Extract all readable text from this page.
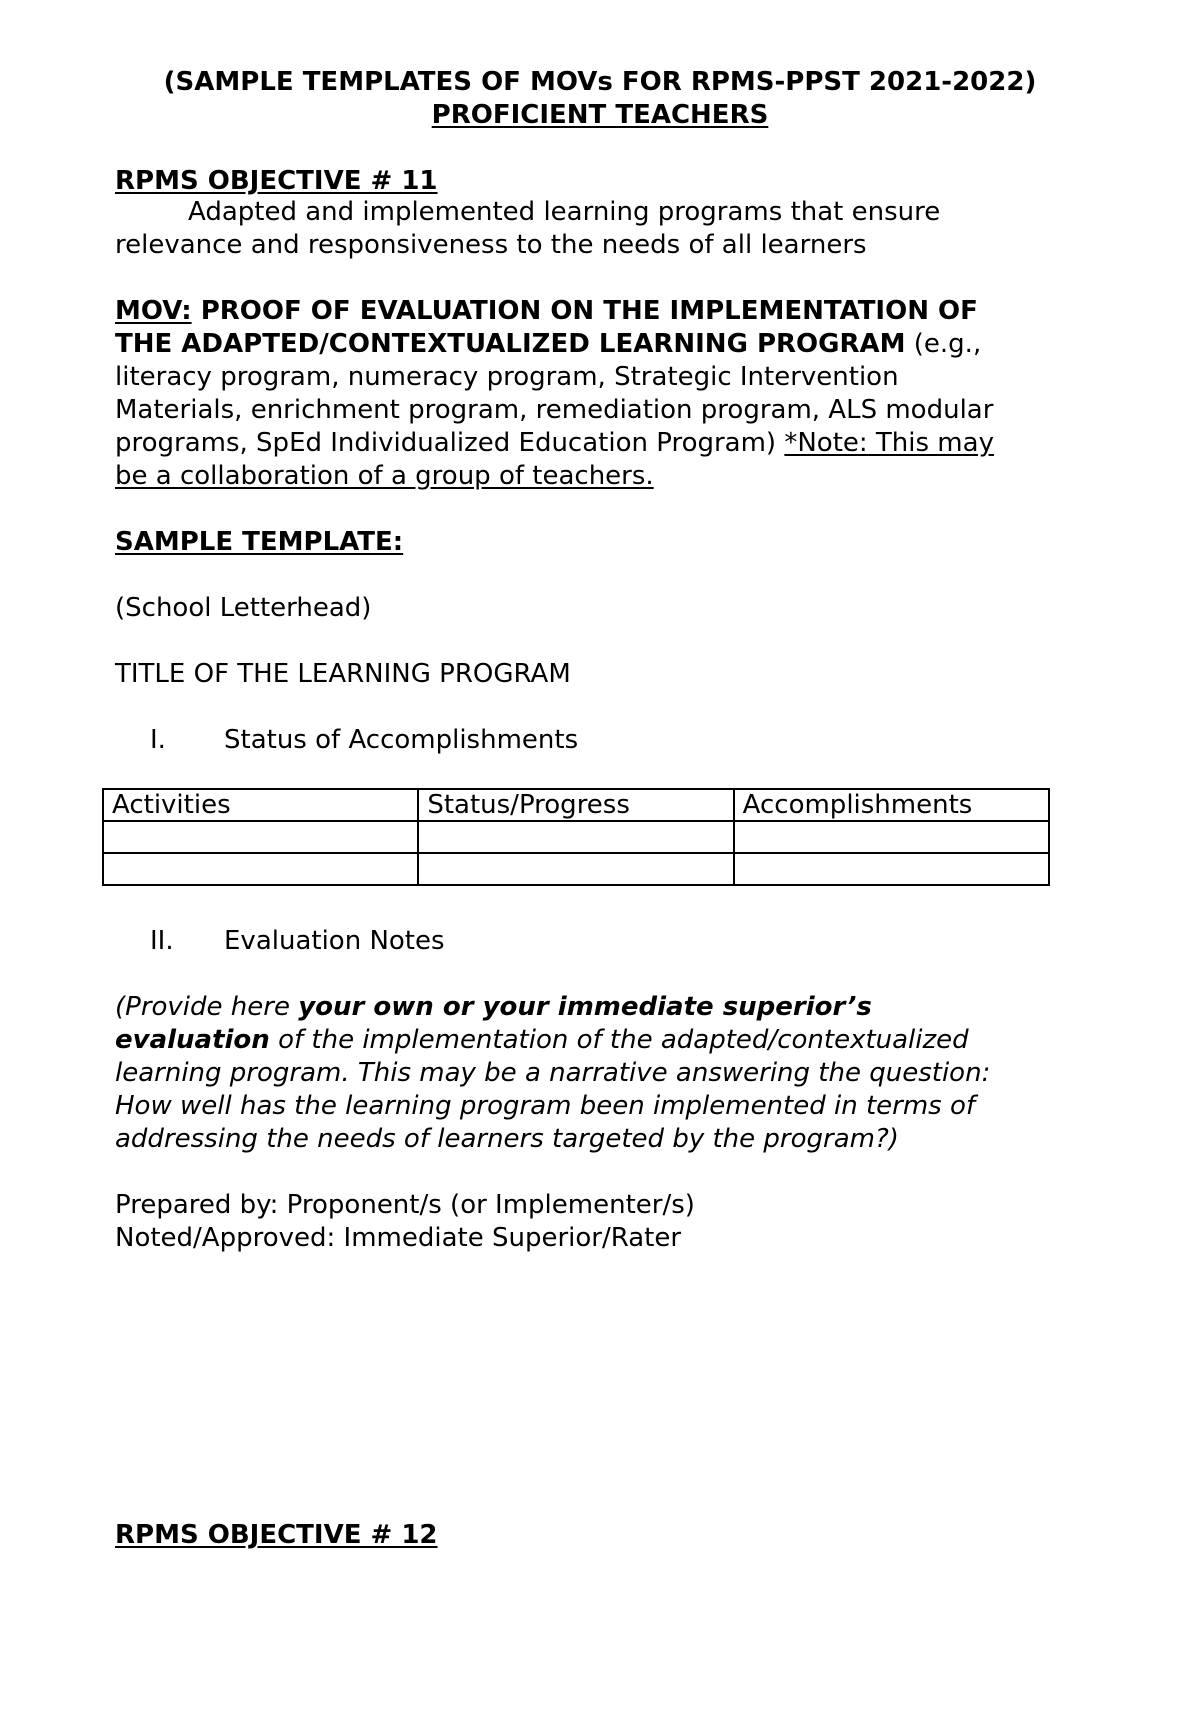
(SAMPLE TEMPLATES OF MOVs FOR RPMS-PPST 2021-2022)
PROFICIENT TEACHERS
RPMS OBJECTIVE # 11
Adapted and implemented learning programs that ensure
relevance and responsiveness to the needs of all learners
MOV: PROOF OF EVALUATION ON THE IMPLEMENTATION OF
THE ADAPTED/CONTEXTUALIZED LEARNING PROGRAM (e.g.,
literacy program, numeracy program, Strategic Intervention
Materials, enrichment program, remediation program, ALS modular
programs, SpEd Individualized Education Program) *Note: This may
be a collaboration of a group of teachers.
SAMPLE TEMPLATE:
(School Letterhead)
TITLE OF THE LEARNING PROGRAM
I. Status of Accomplishments
Activities	Status/Progress	Accomplishments

II. Evaluation Notes
(Provide here your own or your immediate superior’s
evaluation of the implementation of the adapted/contextualized
learning program. This may be a narrative answering the question:
How well has the learning program been implemented in terms of
addressing the needs of learners targeted by the program?)
Prepared by: Proponent/s (or Implementer/s)
Noted/Approved: Immediate Superior/Rater
RPMS OBJECTIVE # 12
